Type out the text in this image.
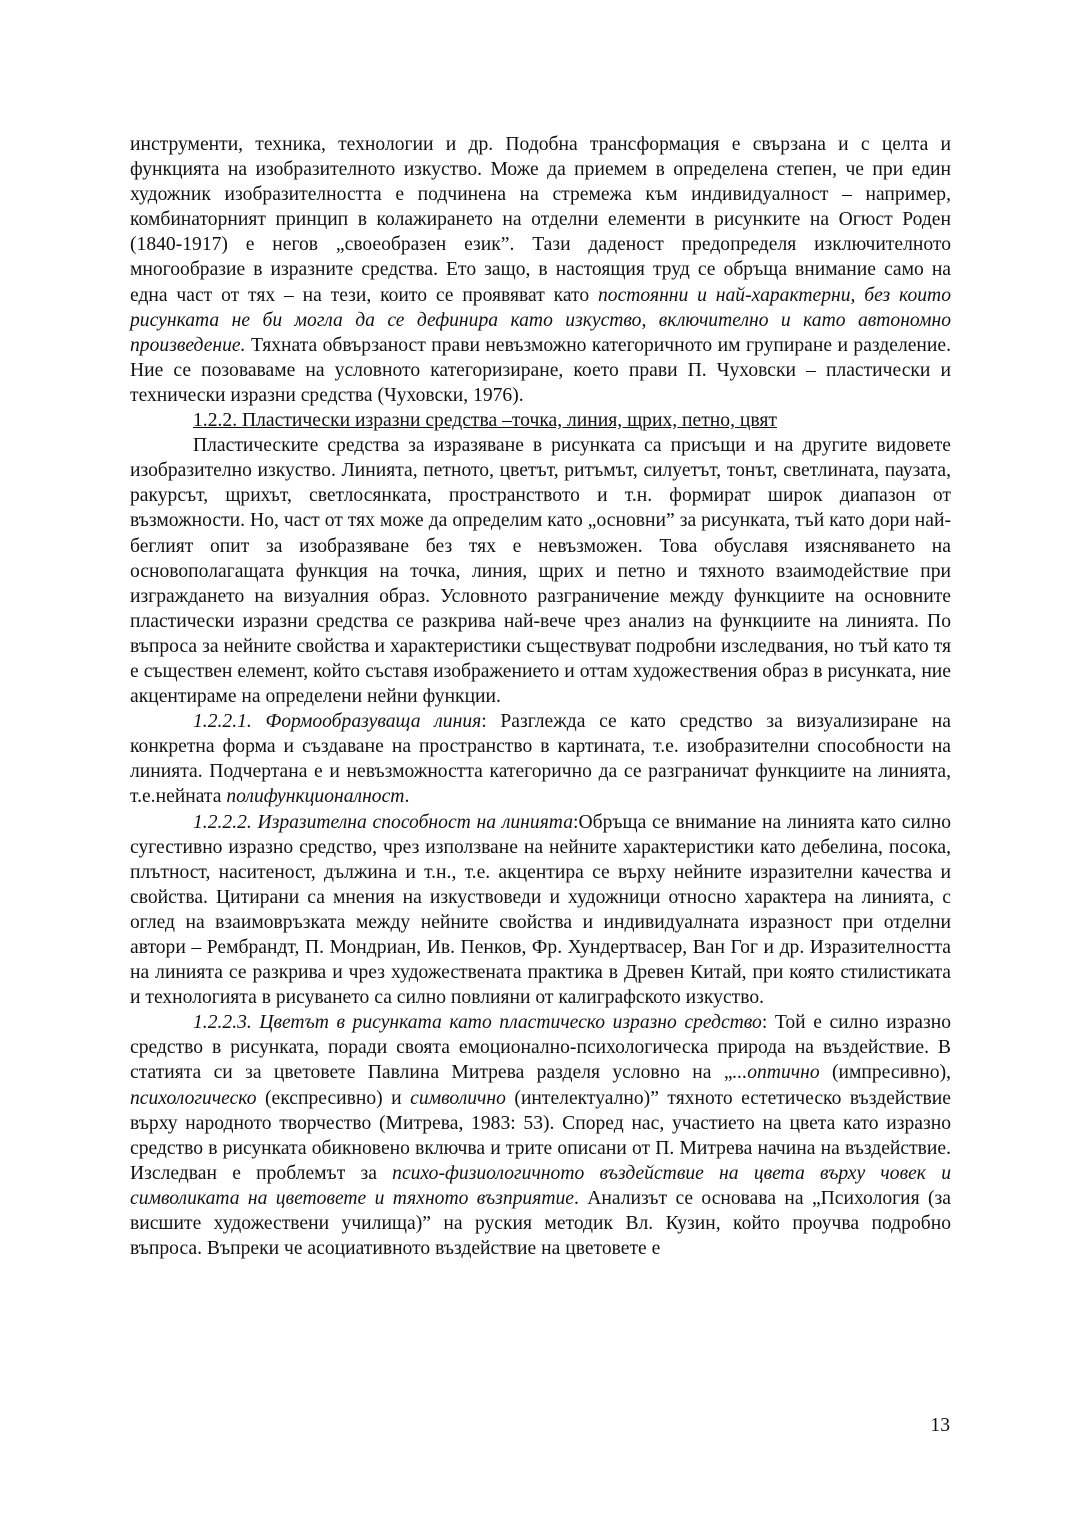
инструменти, техника, технологии и др. Подобна трансформация е свързана и с целта и функцията на изобразителното изкуство. Може да приемем в определена степен, че при един художник изобразителността е подчинена на стремежа към индивидуалност – например, комбинаторният принцип в колажирането на отделни елементи в рисунките на Огюст Роден (1840-1917) е негов „своеобразен език”. Тази даденост предопределя изключителното многообразие в изразните средства. Ето защо, в настоящия труд се обръща внимание само на една част от тях – на тези, които се проявяват като постоянни и най-характерни, без които рисунката не би могла да се дефинира като изкуство, включително и като автономно произведение. Тяхната обвързаност прави невъзможно категоричното им групиране и разделение. Ние се позоваваме на условното категоризиране, което прави П. Чуховски – пластически и технически изразни средства (Чуховски, 1976).

1.2.2. Пластически изразни средства –точка, линия, щрих, петно, цвят

Пластическите средства за изразяване в рисунката са присъщи и на другите видовете изобразително изкуство. Линията, петното, цветът, ритъмът, силуетът, тонът, светлината, паузата, ракурсът, щрихът, светлосянката, пространството и т.н. формират широк диапазон от възможности. Но, част от тях може да определим като „основни” за рисунката, тъй като дори най-беглият опит за изобразяване без тях е невъзможен. Това обуславя изясняването на основополагащата функция на точка, линия, щрих и петно и тяхното взаимодействие при изграждането на визуалния образ. Условното разграничение между функциите на основните пластически изразни средства се разкрива най-вече чрез анализ на функциите на линията. По въпроса за нейните свойства и характеристики съществуват подробни изследвания, но тъй като тя е съществен елемент, който съставя изображението и оттам художествения образ в рисунката, ние акцентираме на определени нейни функции.

1.2.2.1. Формообразуваща линия: Разглежда се като средство за визуализиране на конкретна форма и създаване на пространство в картината, т.е. изобразителни способности на линията. Подчертана е и невъзможността категорично да се разграничат функциите на линията, т.е.нейната полифункционалност.

1.2.2.2. Изразителна способност на линията:Обръща се внимание на линията като силно сугестивно изразно средство, чрез използване на нейните характеристики като дебелина, посока, плътност, наситеност, дължина и т.н., т.е. акцентира се върху нейните изразителни качества и свойства. Цитирани са мнения на изкуствоведи и художници относно характера на линията, с оглед на взаимовръзката между нейните свойства и индивидуалната изразност при отделни автори – Рембрандт, П. Мондриан, Ив. Пенков, Фр. Хундертвасер, Ван Гог и др. Изразителността на линията се разкрива и чрез художествената практика в Древен Китай, при която стилистиката и технологията в рисуването са силно повлияни от калиграфското изкуство.

1.2.2.3. Цветът в рисунката като пластическо изразно средство: Той е силно изразно средство в рисунката, поради своята емоционално-психологическа природа на въздействие. В статията си за цветовете Павлина Митрева разделя условно на „...оптично (импресивно), психологическо (експресивно) и символично (интелектуално)” тяхното естетическо въздействие върху народното творчество (Митрева, 1983: 53). Според нас, участието на цвета като изразно средство в рисунката обикновено включва и трите описани от П. Митрева начина на въздействие. Изследван е проблемът за психо-физиологичното въздействие на цвета върху човек и символиката на цветовете и тяхното възприятие. Анализът се основава на „Психология (за висшите художествени училища)” на руския методик Вл. Кузин, който проучва подробно въпроса. Въпреки че асоциативното въздействие на цветовете е

13
